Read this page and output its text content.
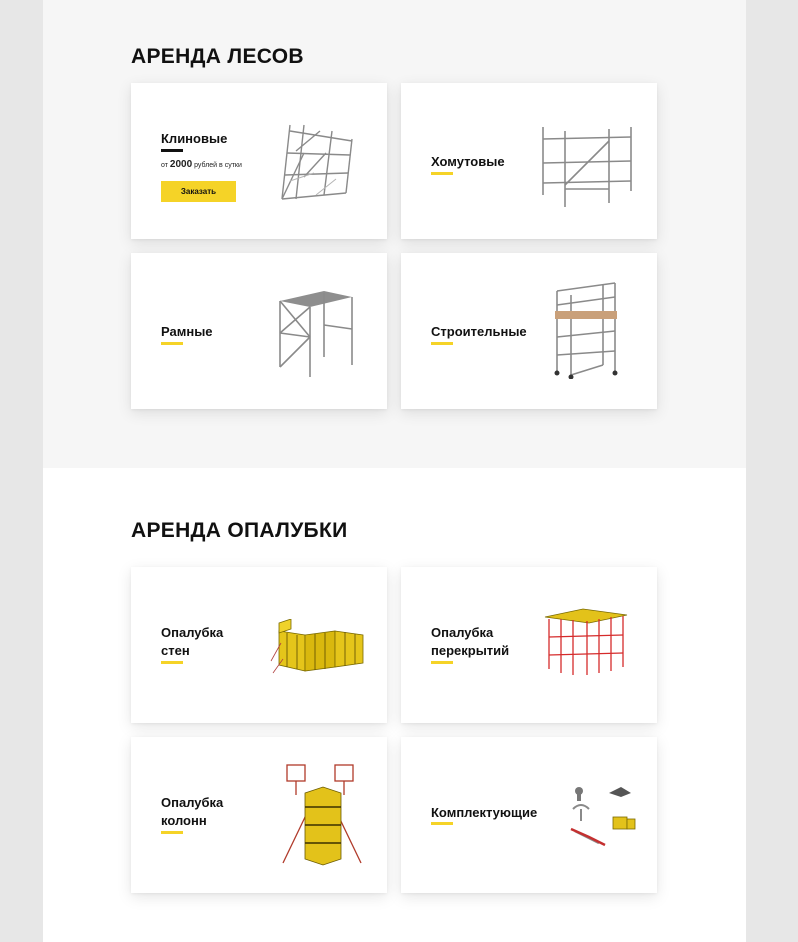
АРЕНДА ЛЕСОВ
Клиновые
от 2000 рублей в сутки
Заказать
Хомутовые
Рамные	Строительные
АРЕНДА ОПАЛУБКИ
Опалубка
стен
Опалубка
перекрытий
Опалубка
колонн
Комплектующие
